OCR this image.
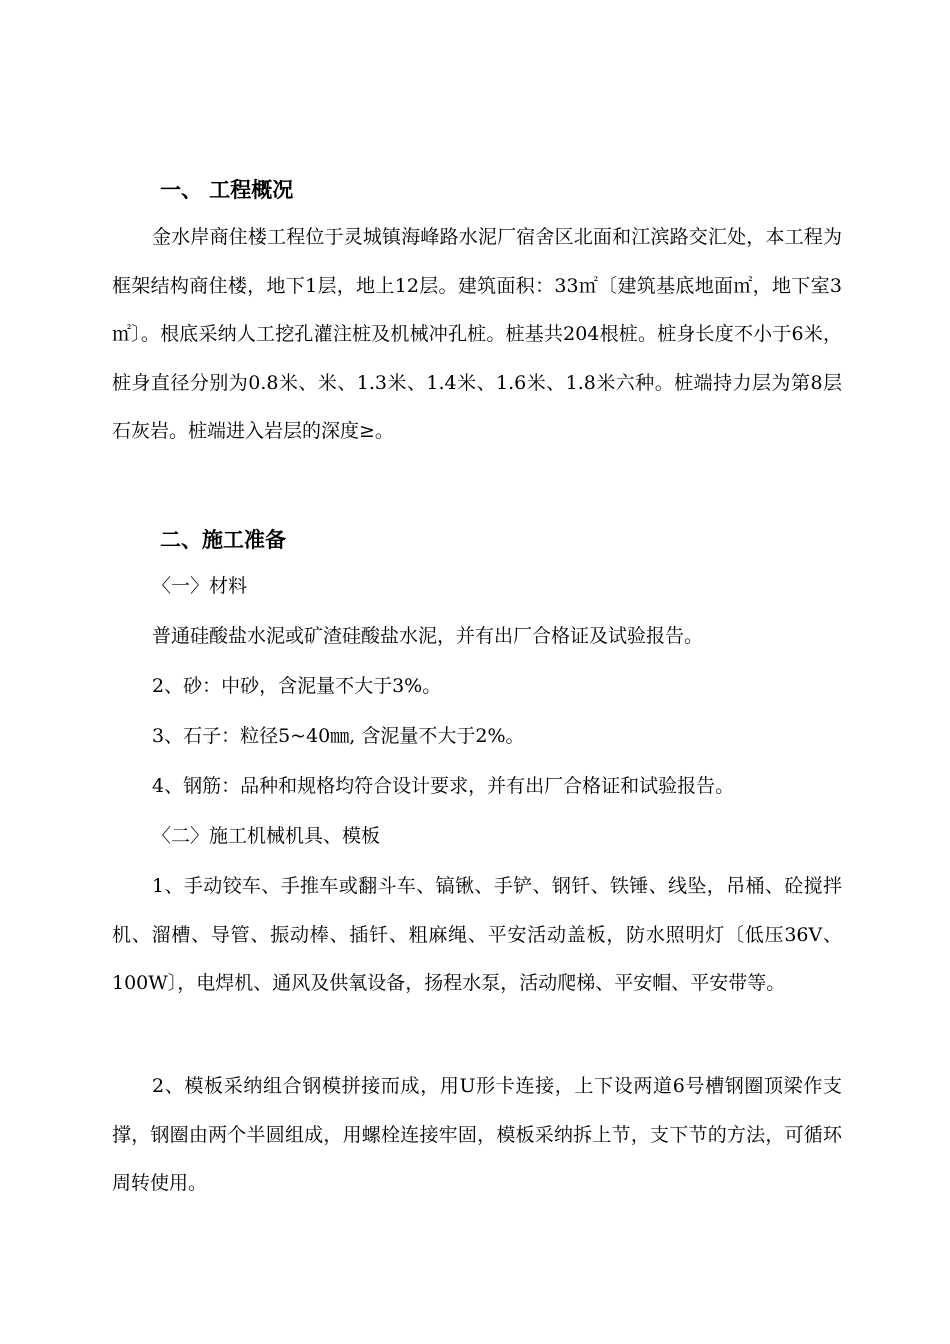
一、 工程概况
金水岸商住楼工程位于灵城镇海峰路水泥厂宿舍区北面和江滨路交汇处，本工程为框架结构商住楼，地下1层，地上12层。建筑面积：33㎡〔建筑基底地面㎡，地下室3㎡〕。根底采纳人工挖孔灌注桩及机械冲孔桩。桩基共204根桩。桩身长度不小于6米，桩身直径分别为0.8米、米、1.3米、1.4米、1.6米、1.8米六种。桩端持力层为第8层石灰岩。桩端进入岩层的深度≥。
二、施工准备
〈一〉材料
普通硅酸盐水泥或矿渣硅酸盐水泥，并有出厂合格证及试验报告。
2、砂：中砂，含泥量不大于3%。
3、石子：粒径5~40㎜, 含泥量不大于2%。
4、钢筋：品种和规格均符合设计要求，并有出厂合格证和试验报告。
〈二〉施工机械机具、模板
1、手动铰车、手推车或翻斗车、镐锹、手铲、钢钎、铁锤、线坠，吊桶、砼搅拌机、溜槽、导管、振动棒、插钎、粗麻绳、平安活动盖板，防水照明灯〔低压36V、100W〕，电焊机、通风及供氧设备，扬程水泵，活动爬梯、平安帽、平安带等。
2、模板采纳组合钢模拼接而成，用U形卡连接，上下设两道6号槽钢圈顶梁作支撑，钢圈由两个半圆组成，用螺栓连接牢固，模板采纳拆上节，支下节的方法，可循环周转使用。
